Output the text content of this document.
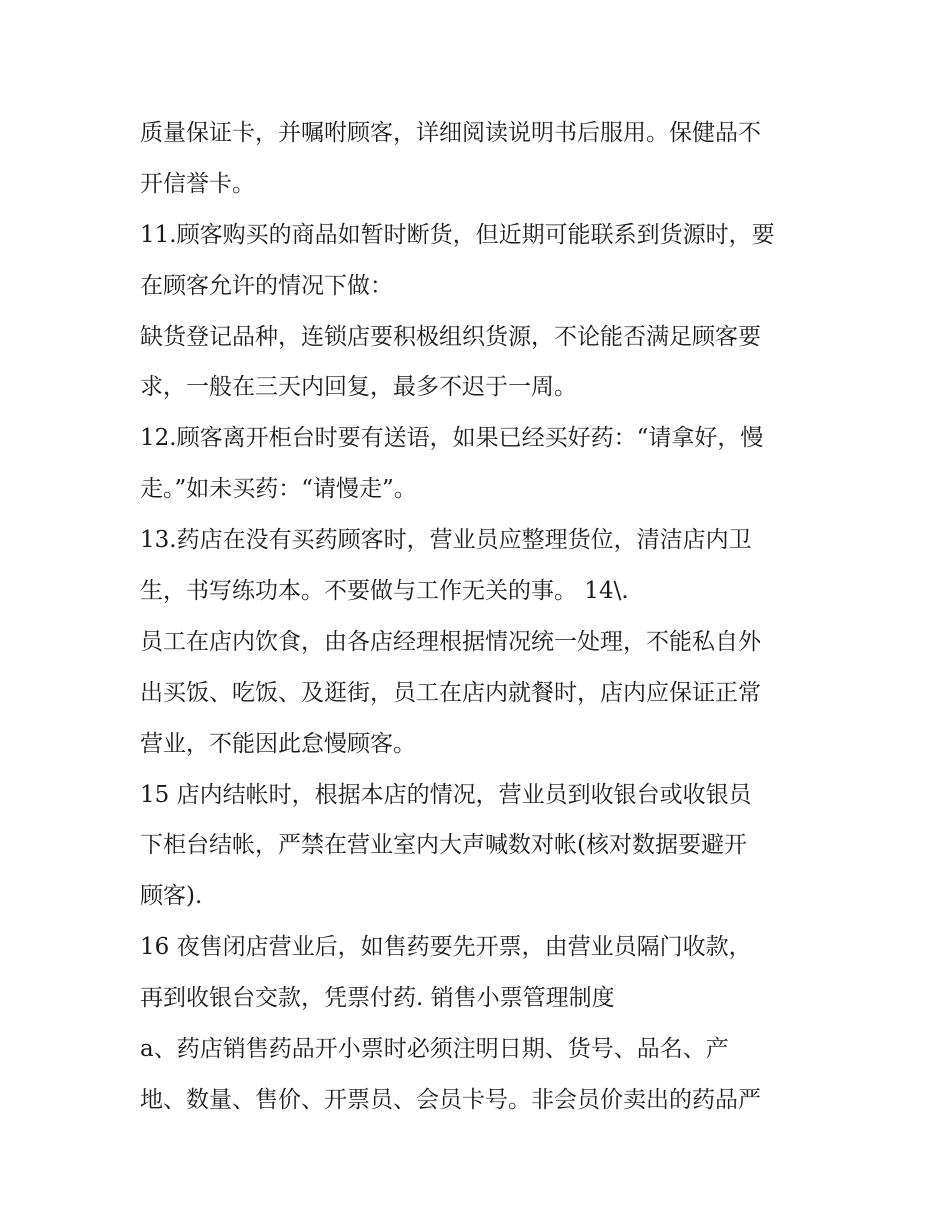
质量保证卡，并嘱咐顾客，详细阅读说明书后服用。保健品不
开信誉卡。
11.顾客购买的商品如暂时断货，但近期可能联系到货源时，要
在顾客允许的情况下做：
缺货登记品种，连锁店要积极组织货源，不论能否满足顾客要
求，一般在三天内回复，最多不迟于一周。
12.顾客离开柜台时要有送语，如果已经买好药：“请拿好，慢
走。”如未买药：“请慢走”。
13.药店在没有买药顾客时，营业员应整理货位，清洁店内卫
生，书写练功本。不要做与工作无关的事。 14\.
员工在店内饮食，由各店经理根据情况统一处理，不能私自外
出买饭、吃饭、及逛街，员工在店内就餐时，店内应保证正常
营业，不能因此怠慢顾客。
15 店内结帐时，根据本店的情况，营业员到收银台或收银员
下柜台结帐，严禁在营业室内大声喊数对帐(核对数据要避开
顾客).
16 夜售闭店营业后，如售药要先开票，由营业员隔门收款，
再到收银台交款，凭票付药. 销售小票管理制度
a、药店销售药品开小票时必须注明日期、货号、品名、产
地、数量、售价、开票员、会员卡号。非会员价卖出的药品严
